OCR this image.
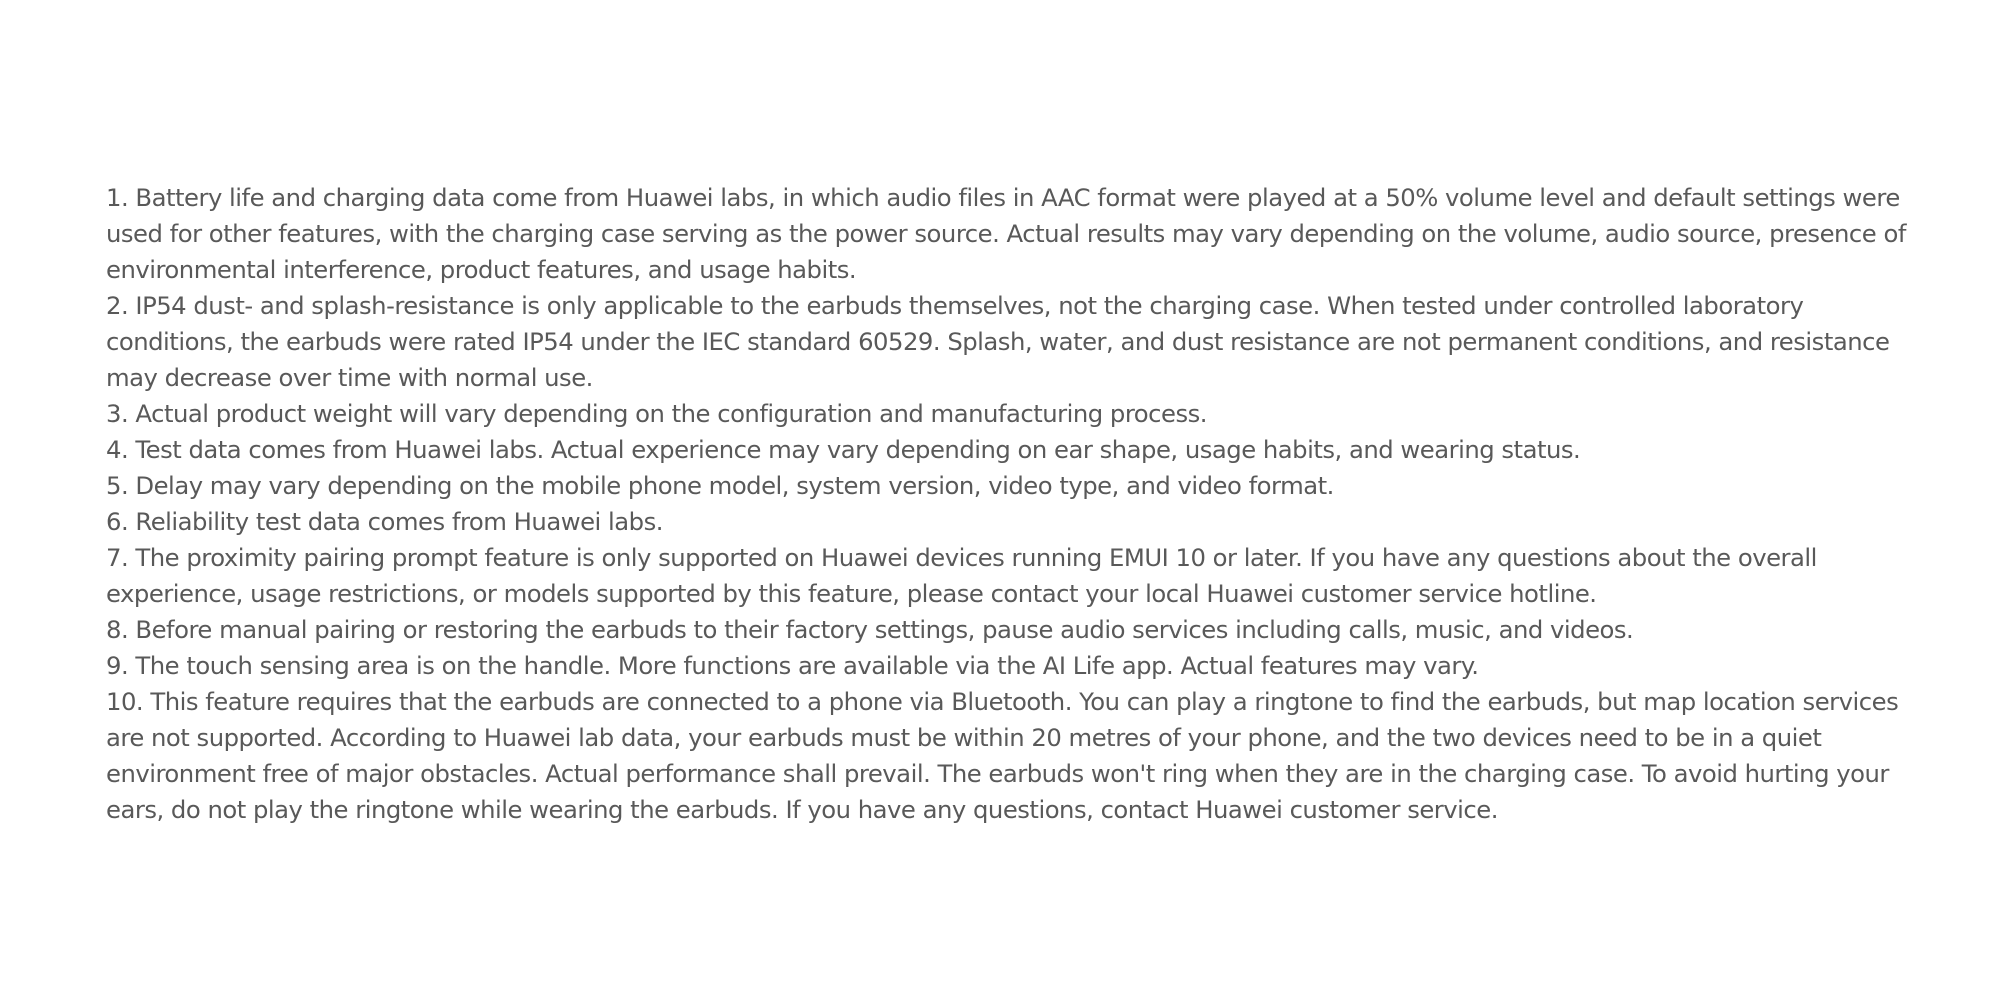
1. Battery life and charging data come from Huawei labs, in which audio files in AAC format were played at a 50% volume level and default settings were used for other features, with the charging case serving as the power source. Actual results may vary depending on the volume, audio source, presence of environmental interference, product features, and usage habits.
2. IP54 dust- and splash-resistance is only applicable to the earbuds themselves, not the charging case. When tested under controlled laboratory conditions, the earbuds were rated IP54 under the IEC standard 60529. Splash, water, and dust resistance are not permanent conditions, and resistance may decrease over time with normal use.
3. Actual product weight will vary depending on the configuration and manufacturing process.
4. Test data comes from Huawei labs. Actual experience may vary depending on ear shape, usage habits, and wearing status.
5. Delay may vary depending on the mobile phone model, system version, video type, and video format.
6. Reliability test data comes from Huawei labs.
7. The proximity pairing prompt feature is only supported on Huawei devices running EMUI 10 or later. If you have any questions about the overall experience, usage restrictions, or models supported by this feature, please contact your local Huawei customer service hotline.
8. Before manual pairing or restoring the earbuds to their factory settings, pause audio services including calls, music, and videos.
9. The touch sensing area is on the handle. More functions are available via the AI Life app. Actual features may vary.
10. This feature requires that the earbuds are connected to a phone via Bluetooth. You can play a ringtone to find the earbuds, but map location services are not supported. According to Huawei lab data, your earbuds must be within 20 metres of your phone, and the two devices need to be in a quiet environment free of major obstacles. Actual performance shall prevail. The earbuds won't ring when they are in the charging case. To avoid hurting your ears, do not play the ringtone while wearing the earbuds. If you have any questions, contact Huawei customer service.
